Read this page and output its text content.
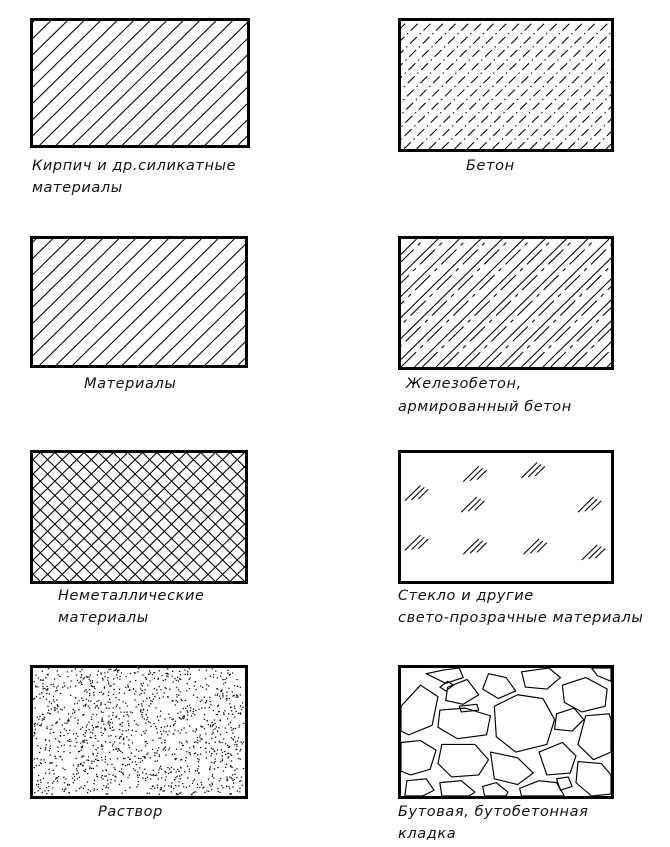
Кирпич и др.силикатные
материалы
Бетон
Материалы	Железобетон,
армированный бетон
Неметаллические
материалы
Стекло и другие
свето-прозрачные материалы
Раствор	Бутовая, бутобетонная
кладка
